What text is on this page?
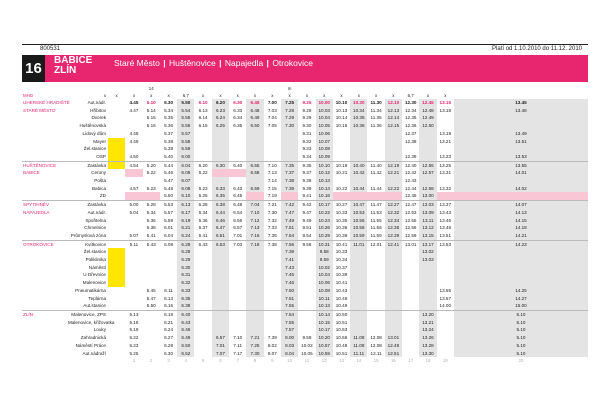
800531	Platí od 1.10.2010 do 11.12. 2010
16	BABICE
ZLÍN
Staré Město | Huštěnovice | Napajedla | Otrokovice
				14								m										
MHD	x	x	x	x	x	6,7	x	x	x	x	x	x	x	x	x	x	x	x	6,7	x	x	
UHERSKÉ HRADIŠTĚ	Aut.nádr.		4.45	5.10	5.30	5.50	6.10	6.20	6.30	6.45	7.00	7.25	9.25	10.00	10.10	10.30	11.30	12.10	12.30	12.45	13.15	13.45
STARÉ MĚSTO	Hříbitov		4.47	5.14	5.34	5.54	6.13	6.23	6.33	6.48	7.03	7.28	9.28	10.03	10.13	10.34	11.34	12.13	12.34	12.48	13.18	13.48
	Dvorek			5.15	5.35	5.55	6.14	6.24	6.34	6.49	7.04	7.29	9.29	10.04	10.14	10.35	11.35	12.14	12.35	12.49		
	Huštěnovská			5.16	5.36	5.56	6.15	6.25	6.35	6.50	7.05	7.30	9.30	10.05	10.15	10.36	11.36	12.15	12.36	12.50		
	Lidový dům		4.48		5.37	5.57							9.31	10.06					12.37		13.19	13.49
	Mayer		4.49		5.38	5.58							9.32	10.07					12.38		13.21	13.51
	Žel.stanice				5.39	5.59							9.33	10.08								
	OSP		4.50		5.40	6.00							9.34	10.09					12.39		13.23	13.53
HUŠTĚNOVICE	Zastávka		4.54	5.20	5.44	6.04	6.20	6.30	6.40	6.55	7.10	7.35	9.35	10.10	10.19	10.40	11.40	12.19	12.40	12.55	13.25	13.55
BABICE	Cerony			5.22	5.46	6.06	6.22			6.58	7.13	7.37	9.37	10.12	10.21	10.42	11.42	12.21	12.42	12.57	13.31	14.01
	Pošta				5.47	6.07					7.14	7.38	9.38	10.13					12.43			
	Babica		4.57	5.23	5.48	6.08	6.23	6.33	6.43	6.59	7.15	7.39	9.39	10.14	10.22	10.44	11.44	12.22	12.44	12.58	13.32	14.02
	ZD				5.50	6.10	6.25	6.35	6.45		7.19		9.41	10.16					12.45	13.00		
SPYTIHNĚV	Zastávka		5.00	5.28	5.53	6.13	6.28	6.38	6.48	7.04	7.21	7.42	9.42	10.17	10.27	10.47	11.47	12.27	12.47	13.03	13.37	14.07
NAPAJEDLA	Aut.nádr.		5.04	5.34	5.57	6.17	6.34	6.44	6.54	7.10	7.30	7.47	9.47	10.22	10.33	10.53	11.53	12.32	12.53	13.09	13.43	14.13
	Spořitelna			5.36	5.59	6.19	6.36	6.46	6.56	7.12	7.32	7.49	9.49	10.24	10.35	10.55	11.55	12.34	12.55	13.11	13.45	14.15
	Chmelnice			5.38	6.01	6.21	6.37	6.47	6.57	7.13	7.33	7.51	9.51	10.26	10.36	10.56	11.56	12.36	12.56	13.12	13.48	14.18
	Průmyslová zóna		5.07	5.41	6.04	6.24	6.41	6.51	7.01	7.16	7.36	7.54	9.54	10.29	10.39	10.59	11.59	12.39	12.59	13.15	13.51	14.21
OTROKOVICE	Kvítkovice		5.11	5.43	6.08	6.28	6.43	6.53	7.03	7.18	7.38	7.56	9.56	10.31	10.41	11.01	12.01	12.41	13.01	13.17	13.53	14.23
	Žel.stanice					6.28						7.39		9.58	10.33					13.02		
	Poliklinika					6.29						7.41		9.59	10.34					13.03		
	Náměstí					6.30						7.43		10.02	10.37							
	U Dřevnice					6.31						7.45		10.04	10.39							
	Malenovice					6.32						7.46		10.06	10.41							
	Pneumatikárna			5.45	6.11	6.33						7.50		10.08	10.43						13.55	14.25
	Teplárna			5.47	6.13	6.35						7.51		10.11	10.46						13.57	14.27
	Aut.stanice			5.50	6.16	6.38						7.55		10.13	10.49						14.00	15.00
ZLÍN	Malenovice, ZPS		5.13		6.18	6.40						7.54		10.14	10.50					13.20		5.10
	Malenovice, křižovatka		5.16		6.21	6.43						7.55		10.15	10.51					13.21		5.10
	Louky		5.19		6.24	6.46						7.57		10.17	10.53					13.24		5.10
	Zahradnická		5.22		6.27	6.49		6.57	7.10	7.21	7.39	8.00	9.59	10.20	10.56	11.08	12.08	13.01		13.26		5.10
	Náměstí Práce		5.23		6.28	6.50		7.01	7.11	7.25	8.02	8.03	10.02	10.57	10.48	11.08	12.08	12.48		13.28		5.10
	Aut.nádraží		5.25		6.30	6.52		7.07	7.17	7.30	8.07	8.04	10.05	10.59	10.51	11.11	12.11	12.51		13.30		5.10
			1	2	3	4	5	6	7	8	9	10	11	12	13	14	15	16	17	18	19	20
